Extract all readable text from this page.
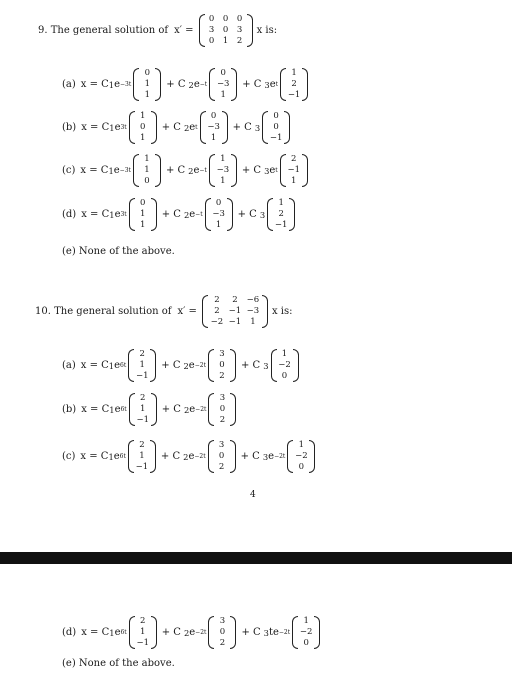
9. The general solution of x′ =
0 0 0
3 0 3
0 1 2
x is:
(a) x = C 1 e −3t
0
1
1
+ C 2 e −t
0
−3
1
+ C 3 e t
1
2
−1
(b) x = C 1 e 3t
1
0
1
+ C 2 e t
0
−3
1
+ C 3
0
0
−1
(c) x = C 1 e −3t
1
1
0
+ C 2 e −t
1
−3
1
+ C 3 e t
2
−1
1
(d) x = C 1 e 3t
0
1
1
+ C 2 e −t
0
−3
1
+ C 3
1
2
−1
(e) None of the above.
10. The general solution of x′ =
2 2 −6
2 −1 −3
−2 −1 1
x is:
(a) x = C 1 e 6t
2
1
−1
+ C 2 e −2t
3
0
2
+ C 3
1
−2
0
(b) x = C 1 e 6t
2
1
−1
+ C 2 e −2t
3
0
2
(c) x = C 1 e 6t
2
1
−1
+ C 2 e −2t
3
0
2
+ C 3 e −2t
1
−2
0
4
(d) x = C 1 e 6t
2
1
−1
+ C 2 e −2t
3
0
2
+ C 3 te −2t
1
−2
0
(e) None of the above.
